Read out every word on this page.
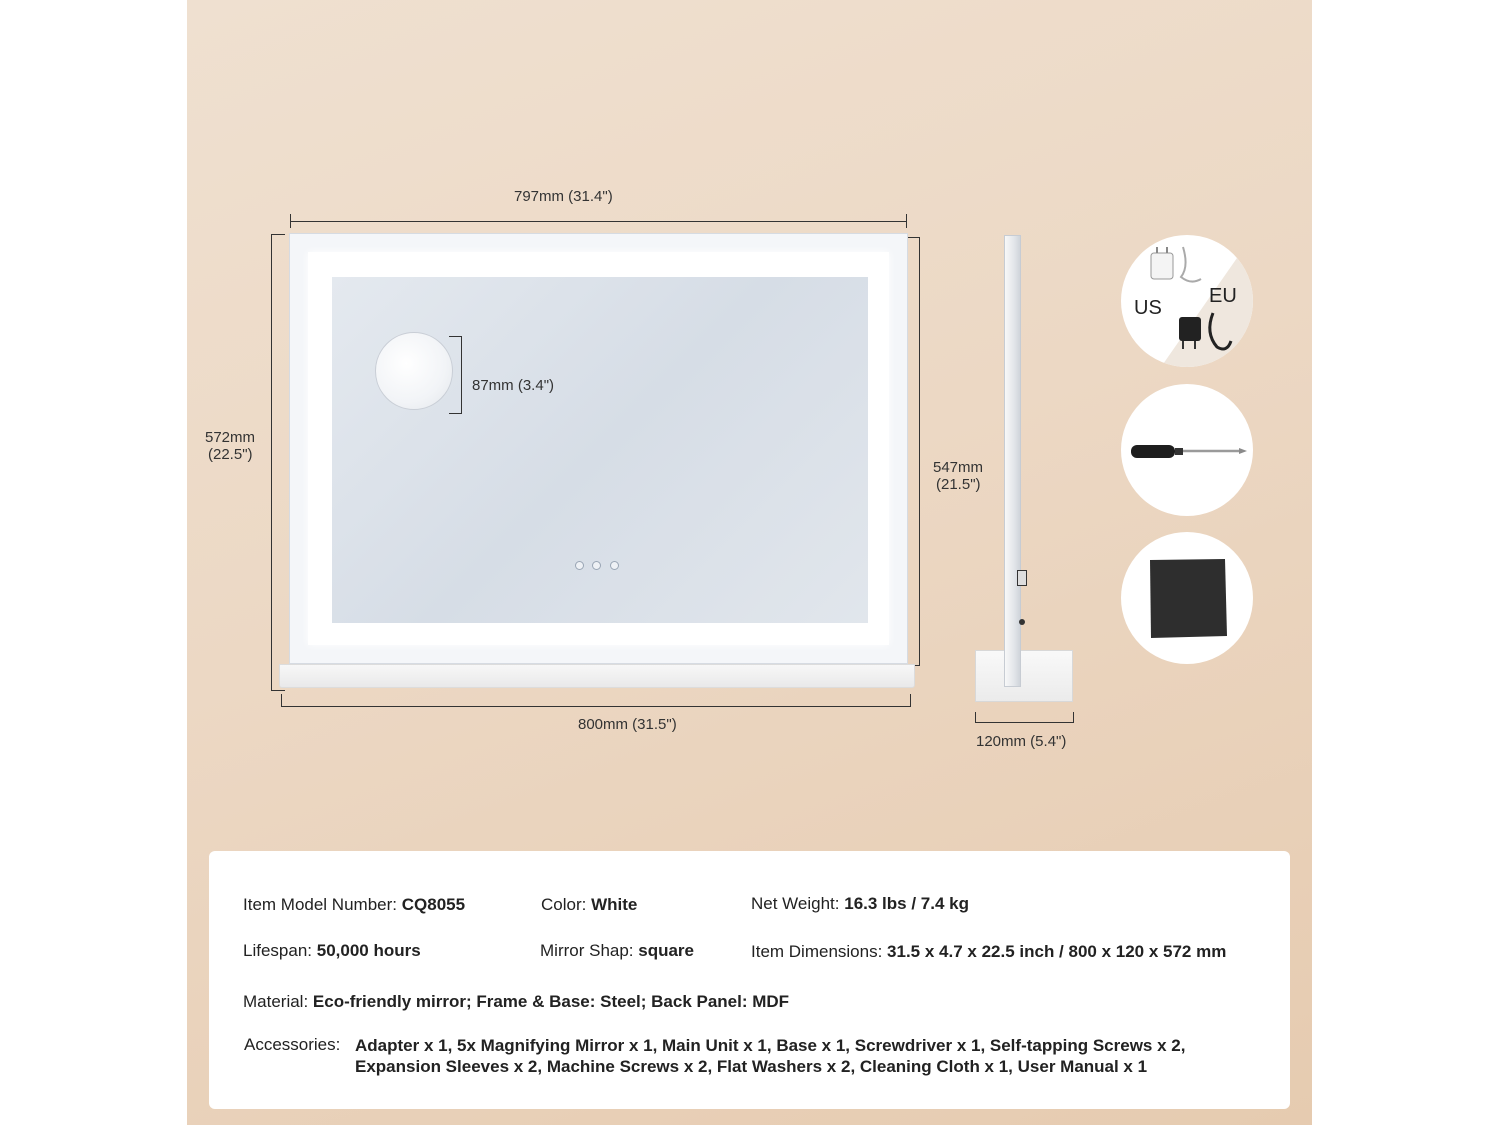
797mm (31.4")
572mm
(22.5")
547mm
(21.5")
87mm (3.4")
800mm (31.5")
120mm (5.4")
US
EU
Item Model Number: CQ8055	Color: White	Net Weight: 16.3 lbs / 7.4 kg
Lifespan: 50,000 hours	Mirror Shap: square	Item Dimensions: 31.5 x 4.7 x 22.5 inch / 800 x 120 x 572 mm
Material: Eco-friendly mirror; Frame & Base: Steel; Back Panel: MDF
Accessories: Adapter x 1, 5x Magnifying Mirror x 1, Main Unit x 1, Base x 1, Screwdriver x 1, Self-tapping Screws x 2,
Expansion Sleeves x 2, Machine Screws x 2, Flat Washers x 2, Cleaning Cloth x 1, User Manual x 1
